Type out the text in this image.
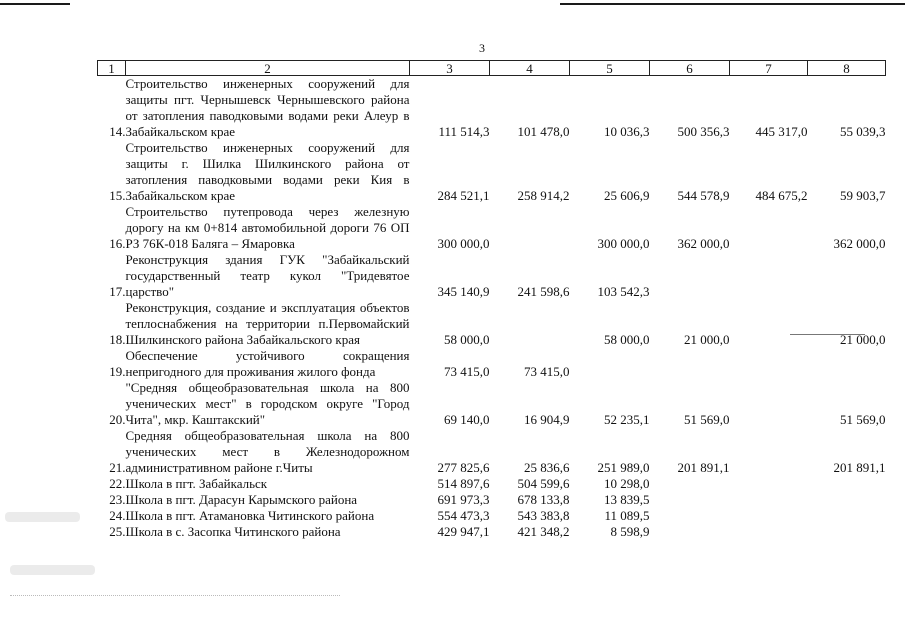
3
1	2	3	4	5	6	7	8
14.	Строительство инженерных сооружений для защиты пгт. Чернышевск Чернышевского района от затопления паводковыми водами реки Алеур в Забайкальском крае	111 514,3	101 478,0	10 036,3	500 356,3	445 317,0	55 039,3
15.	Строительство инженерных сооружений для защиты г. Шилка Шилкинского района от затопления паводковыми водами реки Кия в Забайкальском крае	284 521,1	258 914,2	25 606,9	544 578,9	484 675,2	59 903,7
16.	Строительство путепровода через железную дорогу на км 0+814 автомобильной дороги 76 ОП РЗ 76К-018 Баляга – Ямаровка	300 000,0		300 000,0	362 000,0		362 000,0
17.	Реконструкция здания ГУК "Забайкальский государственный театр кукол "Тридевятое царство"	345 140,9	241 598,6	103 542,3			
18.	Реконструкция, создание и эксплуатация объектов теплоснабжения на территории п.Первомайский Шилкинского района Забайкальского края	58 000,0		58 000,0	21 000,0		21 000,0
19.	Обеспечение устойчивого сокращения непригодного для проживания жилого фонда	73 415,0	73 415,0				
20.	"Средняя общеобразовательная школа на 800 ученических мест" в городском округе "Город Чита", мкр. Каштакский"	69 140,0	16 904,9	52 235,1	51 569,0		51 569,0
21.	Средняя общеобразовательная школа на 800 ученических мест в Железнодорожном административном районе г.Читы	277 825,6	25 836,6	251 989,0	201 891,1		201 891,1
22.	Школа в пгт. Забайкальск	514 897,6	504 599,6	10 298,0			
23.	Школа в пгт. Дарасун Карымского района	691 973,3	678 133,8	13 839,5			
24.	Школа в пгт. Атамановка Читинского района	554 473,3	543 383,8	11 089,5			
25.	Школа в с. Засопка Читинского района	429 947,1	421 348,2	8 598,9			
